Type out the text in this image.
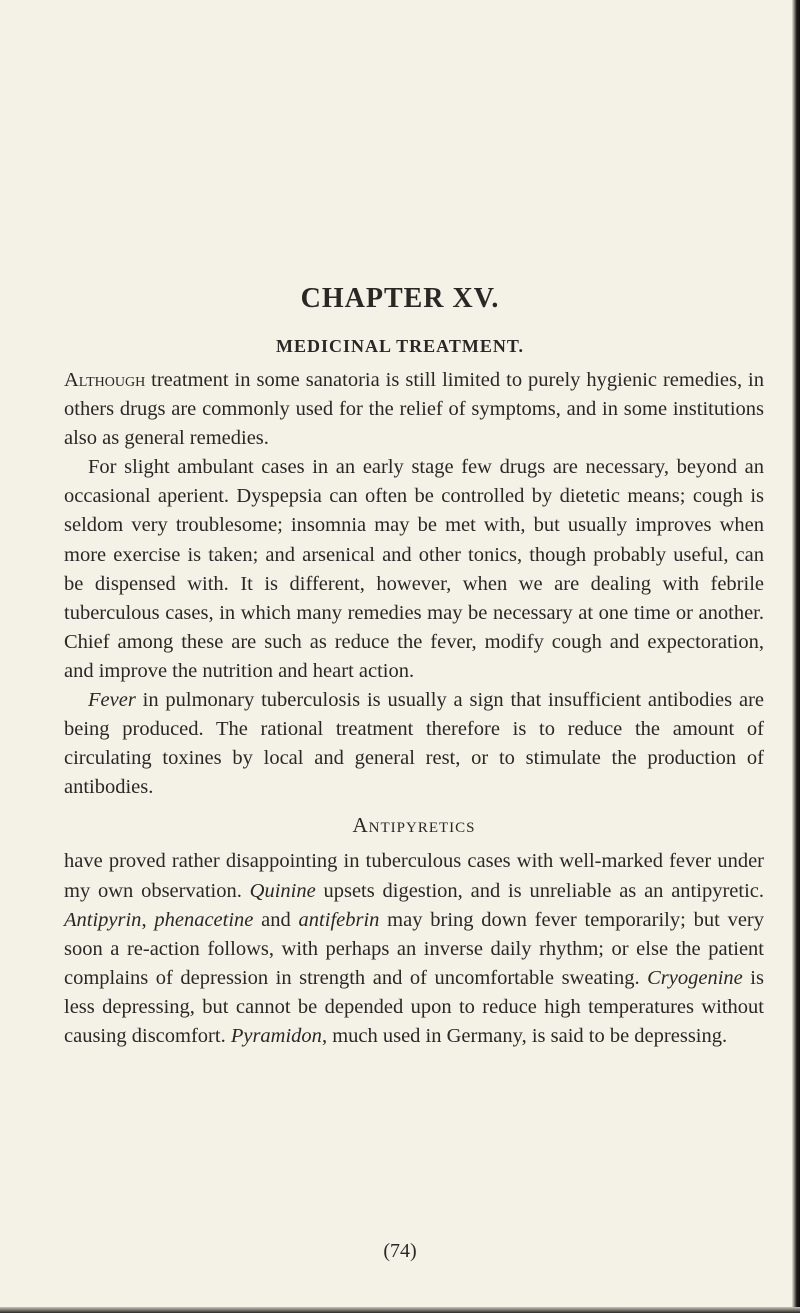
CHAPTER XV.
MEDICINAL TREATMENT.

Although treatment in some sanatoria is still limited to purely hygienic remedies, in others drugs are commonly used for the relief of symptoms, and in some institutions also as general remedies.

For slight ambulant cases in an early stage few drugs are necessary, beyond an occasional aperient. Dyspepsia can often be controlled by dietetic means; cough is seldom very troublesome; insomnia may be met with, but usually improves when more exercise is taken; and arsenical and other tonics, though probably useful, can be dispensed with. It is different, however, when we are dealing with febrile tuberculous cases, in which many remedies may be necessary at one time or another. Chief among these are such as reduce the fever, modify cough and expectoration, and improve the nutrition and heart action.

Fever in pulmonary tuberculosis is usually a sign that insufficient antibodies are being produced. The rational treatment therefore is to reduce the amount of circulating toxines by local and general rest, or to stimulate the production of antibodies.

Antipyretics

have proved rather disappointing in tuberculous cases with well-marked fever under my own observation. Quinine upsets digestion, and is unreliable as an antipyretic. Antipyrin, phenacetine and antifebrin may bring down fever temporarily; but very soon a re-action follows, with perhaps an inverse daily rhythm; or else the patient complains of depression in strength and of uncomfortable sweating. Cryogenine is less depressing, but cannot be depended upon to reduce high temperatures without causing discomfort. Pyramidon, much used in Germany, is said to be depressing.

(74)
